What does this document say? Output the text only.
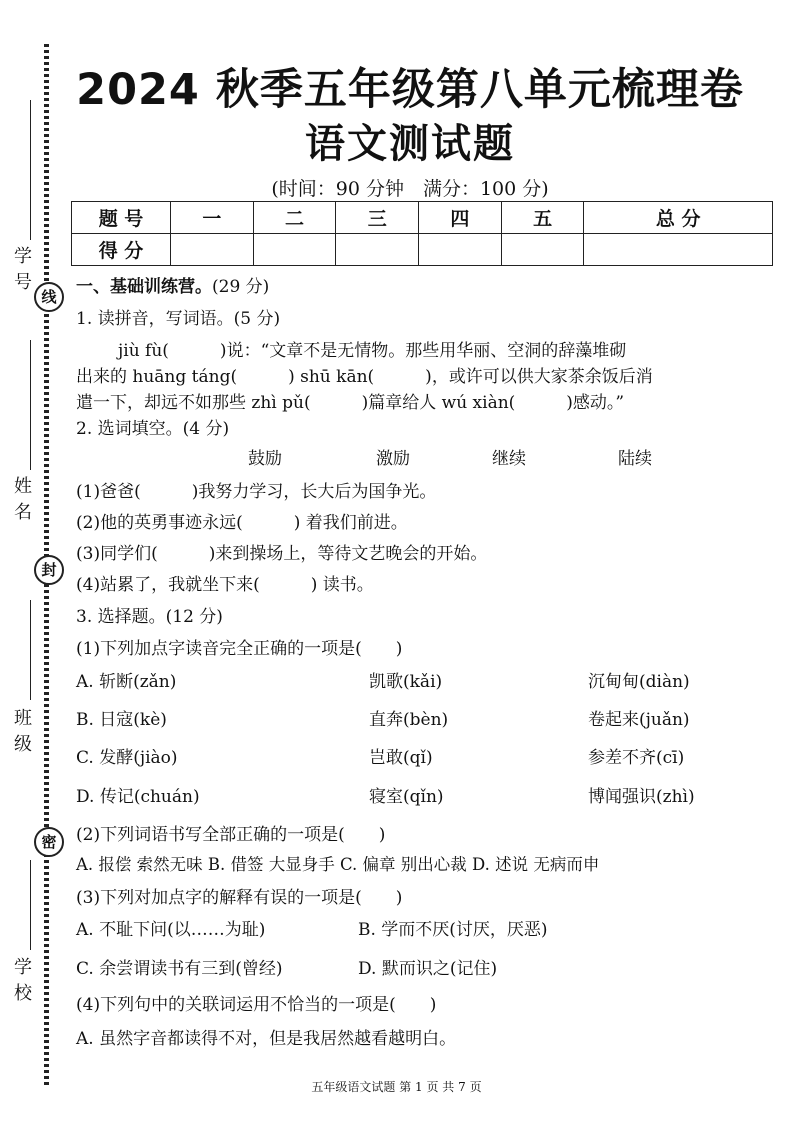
学号
线
姓名
封
班级
密
学校
2024 秋季五年级第八单元梳理卷
语文测试题
(时间：90 分钟　满分：100 分)
题 号	一	二	三	四	五	总 分
得 分						
一、基础训练营。(29 分)
1. 读拼音，写词语。(5 分)
jiù fù(　　　)说：“文章不是无情物。那些用华丽、空洞的辞藻堆砌
出来的 huāng táng(　　　) shū kān(　　　)，或许可以供大家茶余饭后消
遣一下，却远不如那些 zhì pǔ(　　　)篇章给人 wú xiàn(　　　)感动。”
2. 选词填空。(4 分)
鼓励	激励	继续	陆续
(1)爸爸(　　　)我努力学习，长大后为国争光。
(2)他的英勇事迹永远(　　　) 着我们前进。
(3)同学们(　　　)来到操场上，等待文艺晚会的开始。
(4)站累了，我就坐下来(　　　) 读书。
3. 选择题。(12 分)
(1)下列加点字读音完全正确的一项是(　　)
A. 斩断(zǎn)	凯歌(kǎi)	沉甸甸(diàn)
B. 日寇(kè)	直奔(bèn)	卷起来(juǎn)
C. 发酵(jiào)	岂敢(qǐ)	参差不齐(cī)
D. 传记(chuán)	寝室(qǐn)	博闻强识(zhì)
(2)下列词语书写全部正确的一项是(　　)
A. 报偿 索然无味 B. 借签 大显身手 C. 偏章 别出心裁 D. 述说 无病而申
(3)下列对加点字的解释有误的一项是(　　)
A. 不耻下问(以……为耻)	B. 学而不厌(讨厌，厌恶)
C. 余尝谓读书有三到(曾经)	D. 默而识之(记住)
(4)下列句中的关联词运用不恰当的一项是(　　)
A. 虽然字音都读得不对，但是我居然越看越明白。
五年级语文试题 第 1 页 共 7 页
